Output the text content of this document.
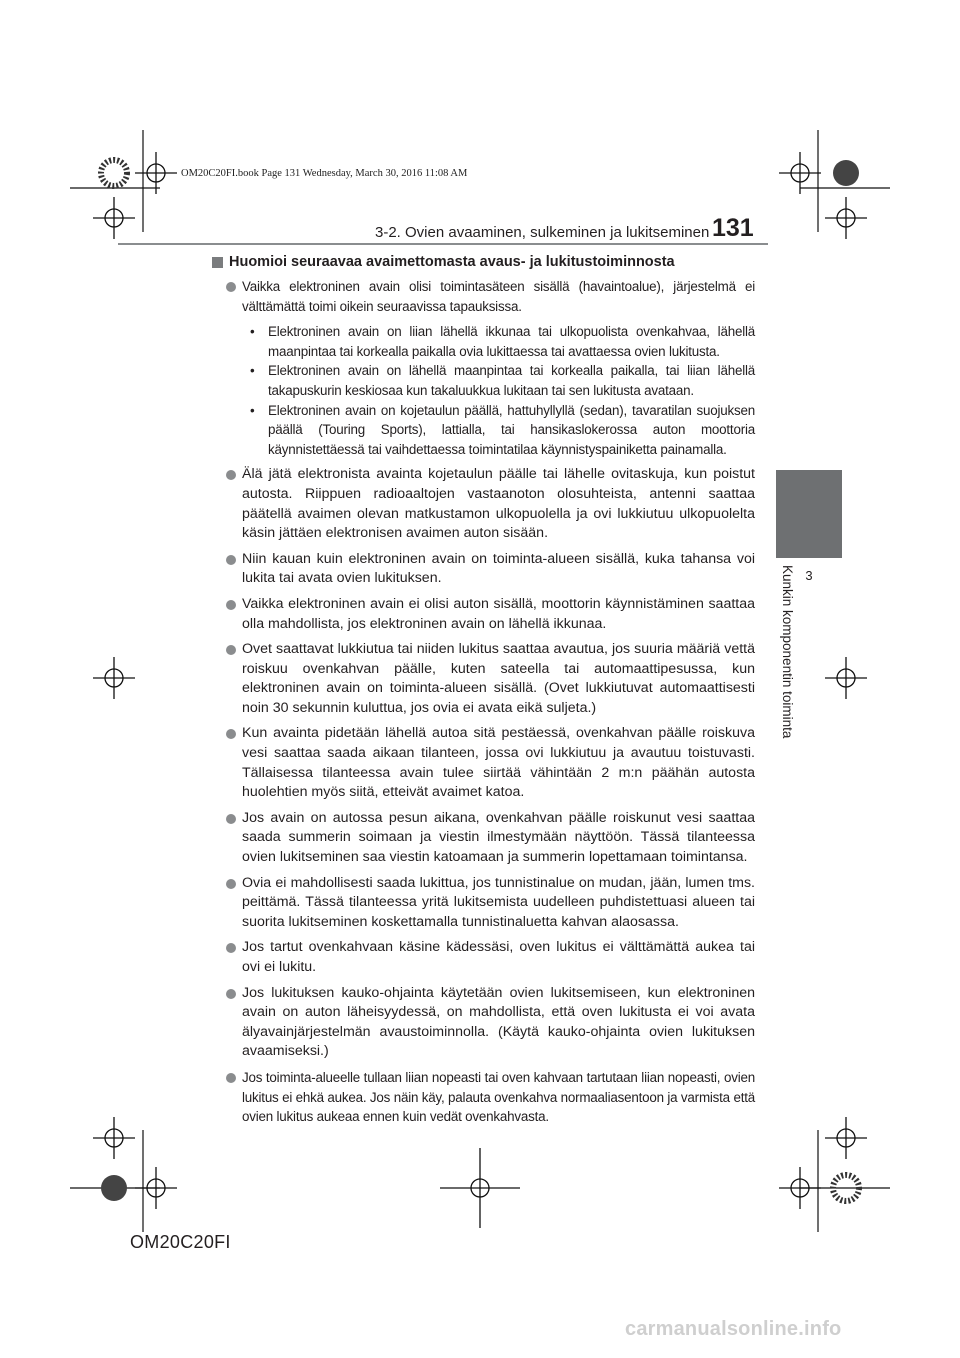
OM20C20FI.book Page 131 Wednesday, March 30, 2016 11:08 AM
3-2. Ovien avaaminen, sulkeminen ja lukitseminen 131
3
Kunkin komponentin toiminta
Huomioi seuraavaa avaimettomasta avaus- ja lukitustoiminnosta
Vaikka elektroninen avain olisi toimintasäteen sisällä (havaintoalue), järjestelmä ei välttämättä toimi oikein seuraavissa tapauksissa.
• Elektroninen avain on liian lähellä ikkunaa tai ulkopuolista ovenkahvaa, lähellä maanpintaa tai korkealla paikalla ovia lukittaessa tai avattaessa ovien lukitusta.
• Elektroninen avain on lähellä maanpintaa tai korkealla paikalla, tai liian lähellä takapuskurin keskiosaa kun takaluukkua lukitaan tai sen lukitusta avataan.
• Elektroninen avain on kojetaulun päällä, hattuhyllyllä (sedan), tavaratilan suojuksen päällä (Touring Sports), lattialla, tai hansikaslokerossa auton moottoria käynnistettäessä tai vaihdettaessa toimintatilaa käynnistyspainiketta painamalla.
Älä jätä elektronista avainta kojetaulun päälle tai lähelle ovitaskuja, kun poistut autosta. Riippuen radioaaltojen vastaanoton olosuhteista, antenni saattaa päätellä avaimen olevan matkustamon ulkopuolella ja ovi lukkiutuu ulkopuolelta käsin jättäen elektronisen avaimen auton sisään.
Niin kauan kuin elektroninen avain on toiminta-alueen sisällä, kuka tahansa voi lukita tai avata ovien lukituksen.
Vaikka elektroninen avain ei olisi auton sisällä, moottorin käynnistäminen saattaa olla mahdollista, jos elektroninen avain on lähellä ikkunaa.
Ovet saattavat lukkiutua tai niiden lukitus saattaa avautua, jos suuria määriä vettä roiskuu ovenkahvan päälle, kuten sateella tai automaattipesussa, kun elektroninen avain on toiminta-alueen sisällä. (Ovet lukkiutuvat automaattisesti noin 30 sekunnin kuluttua, jos ovia ei avata eikä suljeta.)
Kun avainta pidetään lähellä autoa sitä pestäessä, ovenkahvan päälle roiskuva vesi saattaa saada aikaan tilanteen, jossa ovi lukkiutuu ja avautuu toistuvasti. Tällaisessa tilanteessa avain tulee siirtää vähintään 2 m:n päähän autosta huolehtien myös siitä, etteivät avaimet katoa.
Jos avain on autossa pesun aikana, ovenkahvan päälle roiskunut vesi saattaa saada summerin soimaan ja viestin ilmestymään näyttöön. Tässä tilanteessa ovien lukitseminen saa viestin katoamaan ja summerin lopettamaan toimintansa.
Ovia ei mahdollisesti saada lukittua, jos tunnistinalue on mudan, jään, lumen tms. peittämä. Tässä tilanteessa yritä lukitsemista uudelleen puhdistettuasi alueen tai suorita lukitseminen koskettamalla tunnistinaluetta kahvan alaosassa.
Jos tartut ovenkahvaan käsine kädessäsi, oven lukitus ei välttämättä aukea tai ovi ei lukitu.
Jos lukituksen kauko-ohjainta käytetään ovien lukitsemiseen, kun elektroninen avain on auton läheisyydessä, on mahdollista, että oven lukitusta ei voi avata älyavainjärjestelmän avaustoiminnolla. (Käytä kauko-ohjainta ovien lukituksen avaamiseksi.)
Jos toiminta-alueelle tullaan liian nopeasti tai oven kahvaan tartutaan liian nopeasti, ovien lukitus ei ehkä aukea. Jos näin käy, palauta ovenkahva normaaliasentoon ja varmista että ovien lukitus aukeaa ennen kuin vedät ovenkahvasta.
OM20C20FI
carmanualsonline.info
